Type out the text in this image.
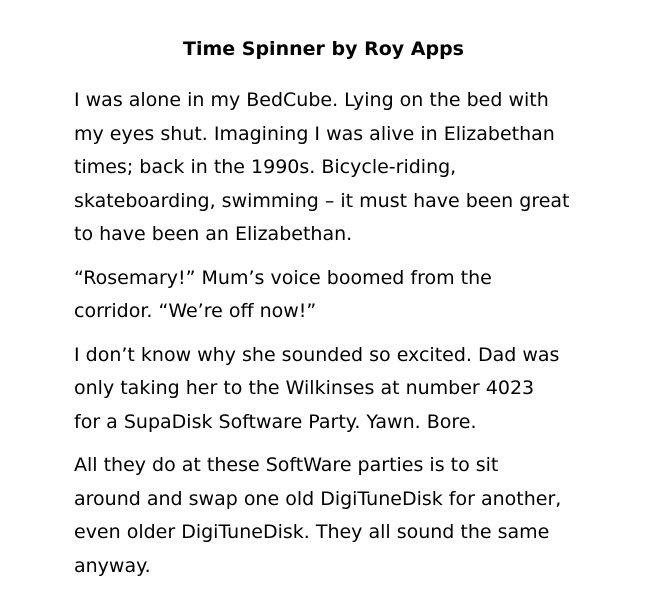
Time Spinner by Roy Apps

I was alone in my BedCube. Lying on the bed with
my eyes shut. Imagining I was alive in Elizabethan
times; back in the 1990s. Bicycle-riding,
skateboarding, swimming – it must have been great
to have been an Elizabethan.

“Rosemary!” Mum’s voice boomed from the
corridor. “We’re off now!”

I don’t know why she sounded so excited. Dad was
only taking her to the Wilkinses at number 4023
for a SupaDisk Software Party. Yawn. Bore.

All they do at these SoftWare parties is to sit
around and swap one old DigiTuneDisk for another,
even older DigiTuneDisk. They all sound the same
anyway.
